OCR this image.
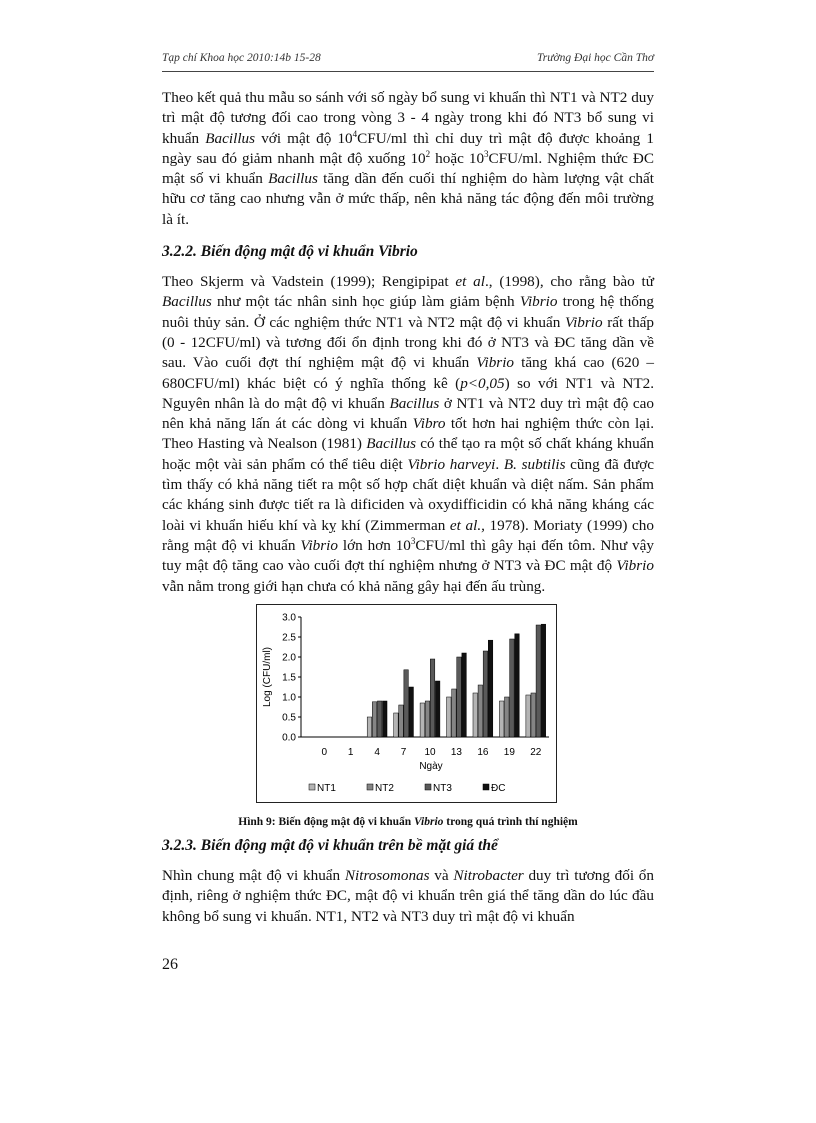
Tạp chí Khoa học 2010:14b 15-28	Trường Đại học Cần Thơ

Theo kết quả thu mẫu so sánh với số ngày bổ sung vi khuẩn thì NT1 và NT2 duy trì mật độ tương đối cao trong vòng 3 - 4 ngày trong khi đó NT3 bổ sung vi khuẩn Bacillus với mật độ $10^4CFU/ml$ thì chỉ duy trì mật độ được khoảng 1 ngày sau đó giảm nhanh mật độ xuống $10^2$ hoặc $10^3CFU/ml$. Nghiệm thức ĐC mật số vi khuẩn Bacillus tăng dần đến cuối thí nghiệm do hàm lượng vật chất hữu cơ tăng cao nhưng vẫn ở mức thấp, nên khả năng tác động đến môi trường là ít.

3.2.2. Biến động mật độ vi khuẩn Vibrio

Theo Skjerm và Vadstein (1999); Rengipipat et al., (1998), cho rằng bào tử Bacillus như một tác nhân sinh học giúp làm giảm bệnh Vibrio trong hệ thống nuôi thủy sản. Ở các nghiệm thức NT1 và NT2 mật độ vi khuẩn Vibrio rất thấp (0 - 12CFU/ml) và tương đối ổn định trong khi đó ở NT3 và ĐC tăng dần về sau. Vào cuối đợt thí nghiệm mật độ vi khuẩn Vibrio tăng khá cao (620 – 680CFU/ml) khác biệt có ý nghĩa thống kê (p<0,05) so với NT1 và NT2. Nguyên nhân là do mật độ vi khuẩn Bacillus ở NT1 và NT2 duy trì mật độ cao nên khả năng lấn át các dòng vi khuẩn Vibro tốt hơn hai nghiệm thức còn lại. Theo Hasting và Nealson (1981) Bacillus có thể tạo ra một số chất kháng khuẩn hoặc một vài sản phẩm có thể tiêu diệt Vibrio harveyi. B. subtilis cũng đã được tìm thấy có khả năng tiết ra một số hợp chất diệt khuẩn và diệt nấm. Sản phẩm các kháng sinh được tiết ra là dificiden và oxydifficidin có khả năng kháng các loài vi khuẩn hiếu khí và kỵ khí (Zimmerman et al., 1978). Moriaty (1999) cho rằng mật độ vi khuẩn Vibrio lớn hơn $10^3CFU/ml$ thì gây hại đến tôm. Như vậy tuy mật độ tăng cao vào cuối đợt thí nghiệm nhưng ở NT3 và ĐC mật độ Vibrio vẫn nằm trong giới hạn chưa có khả năng gây hại đến ấu trùng.

0.0
0.5
1.0
1.5
2.0
2.5
3.0
Log (CFU/ml)
0 1 4 7 10 13 16 19 22
Ngày
NT1	NT2	NT3	ĐC
Hình 9: Biến động mật độ vi khuẩn Vibrio trong quá trình thí nghiệm
3.2.3. Biến động mật độ vi khuẩn trên bề mặt giá thể

Nhìn chung mật độ vi khuẩn Nitrosomonas và Nitrobacter duy trì tương đối ổn định, riêng ở nghiệm thức ĐC, mật độ vi khuẩn trên giá thể tăng dần do lúc đầu không bổ sung vi khuẩn. NT1, NT2 và NT3 duy trì mật độ vi khuẩn

26
